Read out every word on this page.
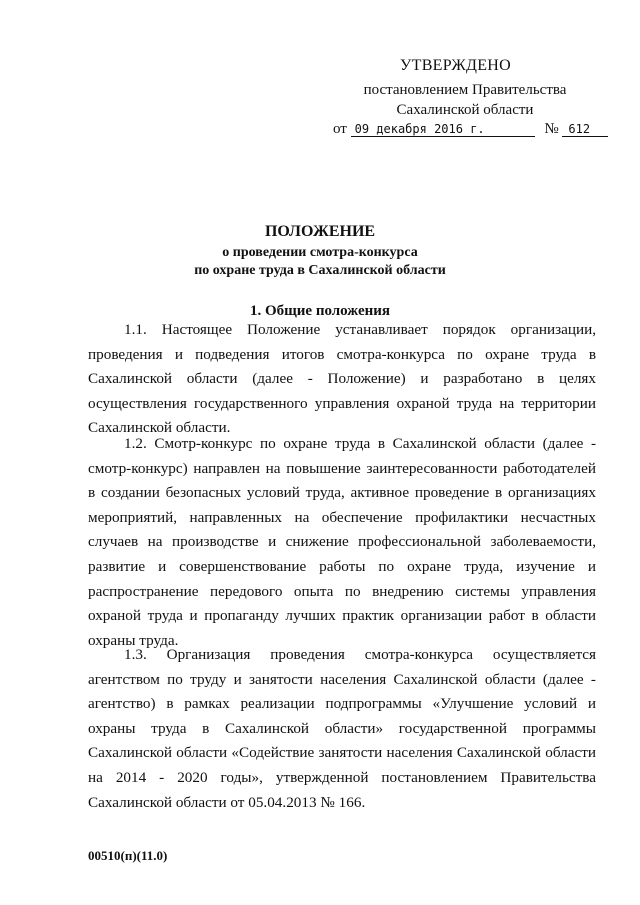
УТВЕРЖДЕНО
постановлением Правительства
Сахалинской области
от 09 декабря 2016 г.	№ 612
ПОЛОЖЕНИЕ
о проведении смотра-конкурса
по охране труда в Сахалинской области
1. Общие положения

1.1. Настоящее Положение устанавливает порядок организации, проведения и подведения итогов смотра-конкурса по охране труда в Сахалинской области (далее - Положение) и разработано в целях осуществления государственного управления охраной труда на территории Сахалинской области.

1.2. Смотр-конкурс по охране труда в Сахалинской области (далее - смотр-конкурс) направлен на повышение заинтересованности работодателей в создании безопасных условий труда, активное проведение в организациях мероприятий, направленных на обеспечение профилактики несчастных случаев на производстве и снижение профессиональной заболеваемости, развитие и совершенствование работы по охране труда, изучение и распространение передового опыта по внедрению системы управления охраной труда и пропаганду лучших практик организации работ в области охраны труда.

1.3. Организация проведения смотра-конкурса осуществляется агентством по труду и занятости населения Сахалинской области (далее - агентство) в рамках реализации подпрограммы «Улучшение условий и охраны труда в Сахалинской области» государственной программы Сахалинской области «Содействие занятости населения Сахалинской области на 2014 - 2020 годы», утвержденной постановлением Правительства Сахалинской области от 05.04.2013 № 166.

00510(п)(11.0)
